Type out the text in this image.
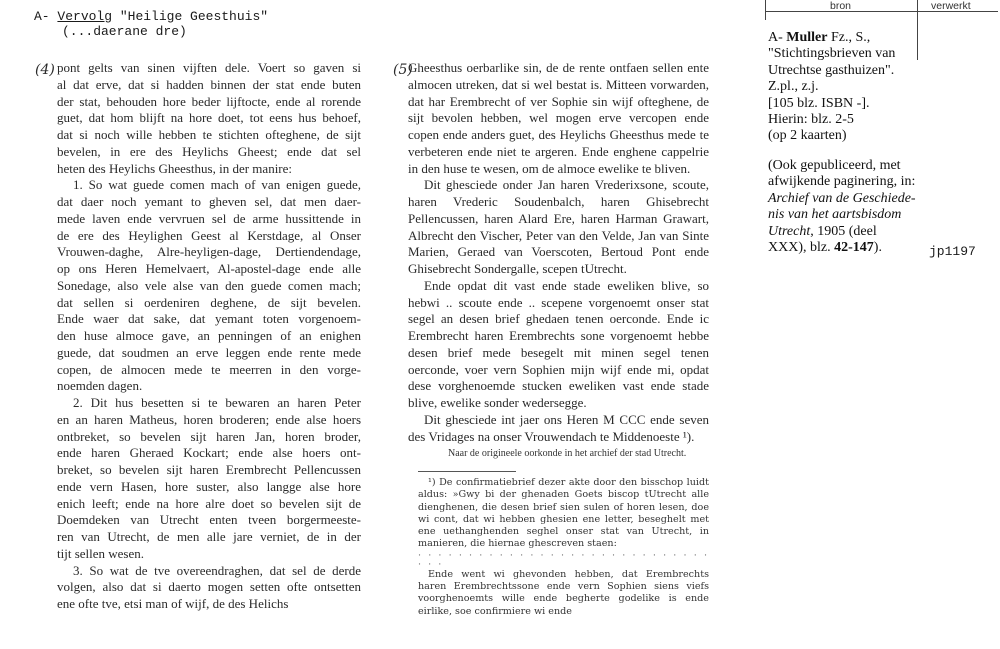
A- Vervolg "Heilige Geesthuis"
(...daerane dre)
(4) pont gelts van sinen vijften dele. Voert so gaven si
al dat erve, dat si hadden binnen der stat ende buten
der stat, behouden hore beder lijftocte, ende al rorende
guet, dat hom blijft na hore doet, tot eens hus behoef,
dat si noch wille hebben te stichten ofteghene, de sijt
bevelen, in ere des Heylichs Gheest; ende dat sel
heten des Heylichs Gheesthus, in der manire:
1. So wat guede comen mach of van enigen guede,
dat daer noch yemant to gheven sel, dat men daer-
mede laven ende vervruen sel de arme hussittende in
de ere des Heylighen Geest al Kerstdage, al Onser
Vrouwen-daghe, Alre-heyligen-dage, Dertiendendage,
op ons Heren Hemelvaert, Al-apostel-dage ende alle
Sonedage, also vele alse van den guede comen mach;
dat sellen si oerdeniren deghene, de sijt bevelen.
Ende waer dat sake, dat yemant toten vorgenoem-
den huse almoce gave, an penningen of an enighen
guede, dat soudmen an erve leggen ende rente mede
copen, de almocen mede te meerren in den vorge-
noemden dagen.
2. Dit hus besetten si te bewaren an haren Peter
en an haren Matheus, horen broderen; ende alse hoers
ontbreket, so bevelen sijt haren Jan, horen broder,
ende haren Gheraed Kockart; ende alse hoers ont-
breket, so bevelen sijt haren Erembrecht Pellencussen
ende vern Hasen, hore suster, also langge alse hore
enich leeft; ende na hore alre doet so bevelen sijt de
Doemdeken van Utrecht enten tveen borgermeeste-
ren van Utrecht, de men alle jare verniet, de in der
tijt sellen wesen.
3. So wat de tve overeendraghen, dat sel de derde
volgen, also dat si daerto mogen setten ofte ontsetten
ene ofte tve, etsi man of wijf, de des Helichs
(5)

Gheesthus oerbarlike sin, de de rente ontfaen sellen ente almocen utreken, dat si wel bestat is. Mitteen vorwarden, dat har Erembrecht of ver Sophie sin wijf ofteghene, de sijt bevolen hebben, wel mogen erve vercopen ende copen ende anders guet, des Heylichs Gheesthus mede te verbeteren ende niet te argeren. Ende enghene cappelrie in den huse te wesen, om de almoce ewelike te bliven.

Dit ghesciede onder Jan haren Vrederixsone, scoute, haren Vrederic Soudenbalch, haren Ghisebrecht Pellencussen, haren Alard Ere, haren Harman Grawart, Albrecht den Vischer, Peter van den Velde, Jan van Sinte Marien, Geraed van Voerscoten, Bertoud Pont ende Ghisebrecht Sondergalle, scepen tUtrecht.

Ende opdat dit vast ende stade eweliken blive, so hebwi .. scoute ende .. scepene vorgenoemt onser stat segel an desen brief ghedaen tenen oerconde. Ende ic Erembrecht haren Erembrechts sone vorgenoemt hebbe desen brief mede besegelt mit minen segel tenen oerconde, voer vern Sophien mijn wijf ende mi, opdat dese vorghenoemde stucken eweliken vast ende stade blive, ewelike sonder wedersegge.

Dit ghesciede int jaer ons Heren M CCC ende seven des Vridages na onser Vrouwendach te Middenoeste ¹).

Naar de origineele oorkonde in het archief der stad Utrecht.

¹) De confirmatiebrief dezer akte door den bisschop luidt aldus: »Gwy bi der ghenaden Goets biscop tUtrecht alle dienghenen, die desen brief sien sulen of horen lesen, doe wi cont, dat wi hebben ghesien ene letter, beseghelt met ene uethanghenden seghel onser stat van Utrecht, in manieren, die hiernae ghescreven staen:

· · · · · · · · · · · · · · · · · · · · · · · · · · · · · · · ·

Ende went wi ghevonden hebben, dat Erembrechts haren Erembrechtssone ende vern Sophien siens viefs voorghenoemts wille ende begherte godelike is ende eirlike, soe confirmiere wi ende

bron	verwerkt

A- Muller Fz., S.,

"Stichtingsbrieven van

Utrechtse gasthuizen".

Z.pl., z.j.

[105 blz. ISBN -].

Hierin: blz. 2-5

(op 2 kaarten)

(Ook gepubliceerd, met

afwijkende paginering, in:

Archief van de Geschiede-

nis van het aartsbisdom

Utrecht, 1905 (deel

XXX), blz. 42-147).	jp1197
